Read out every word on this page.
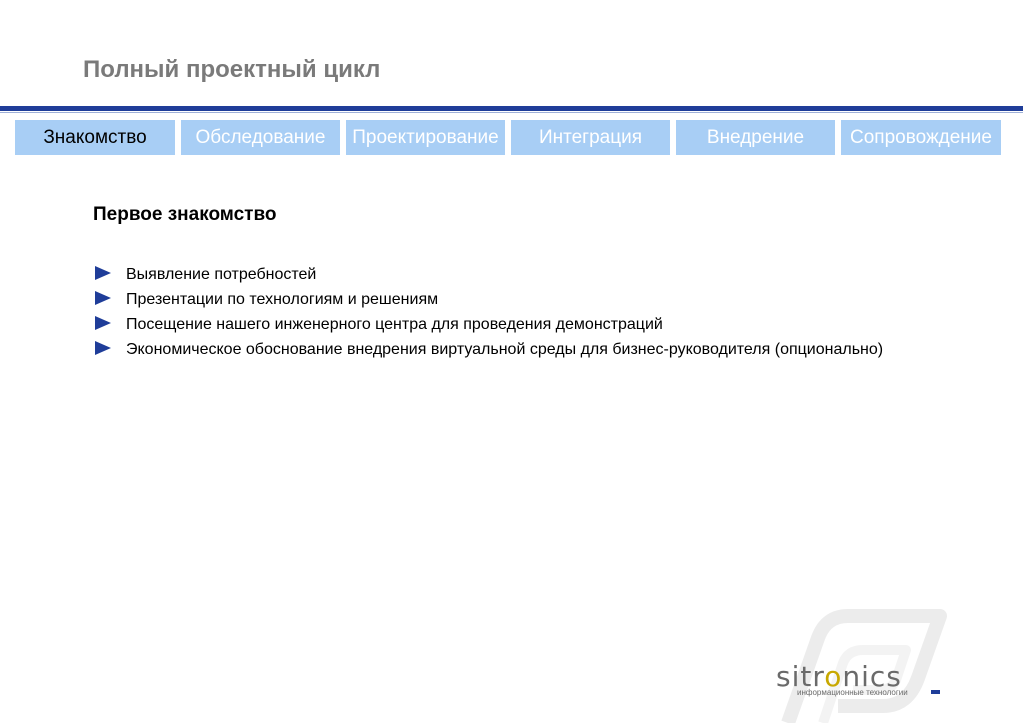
Полный проектный цикл
Знакомство	Обследование	Проектирование	Интеграция	Внедрение	Сопровождение
Первое знакомство
Выявление потребностей
Презентации по технологиям и решениям
Посещение нашего инженерного центра для проведения демонстраций
Экономическое обоснование внедрения виртуальной среды для бизнес-руководителя (опционально)
sitronics
информационные технологии
